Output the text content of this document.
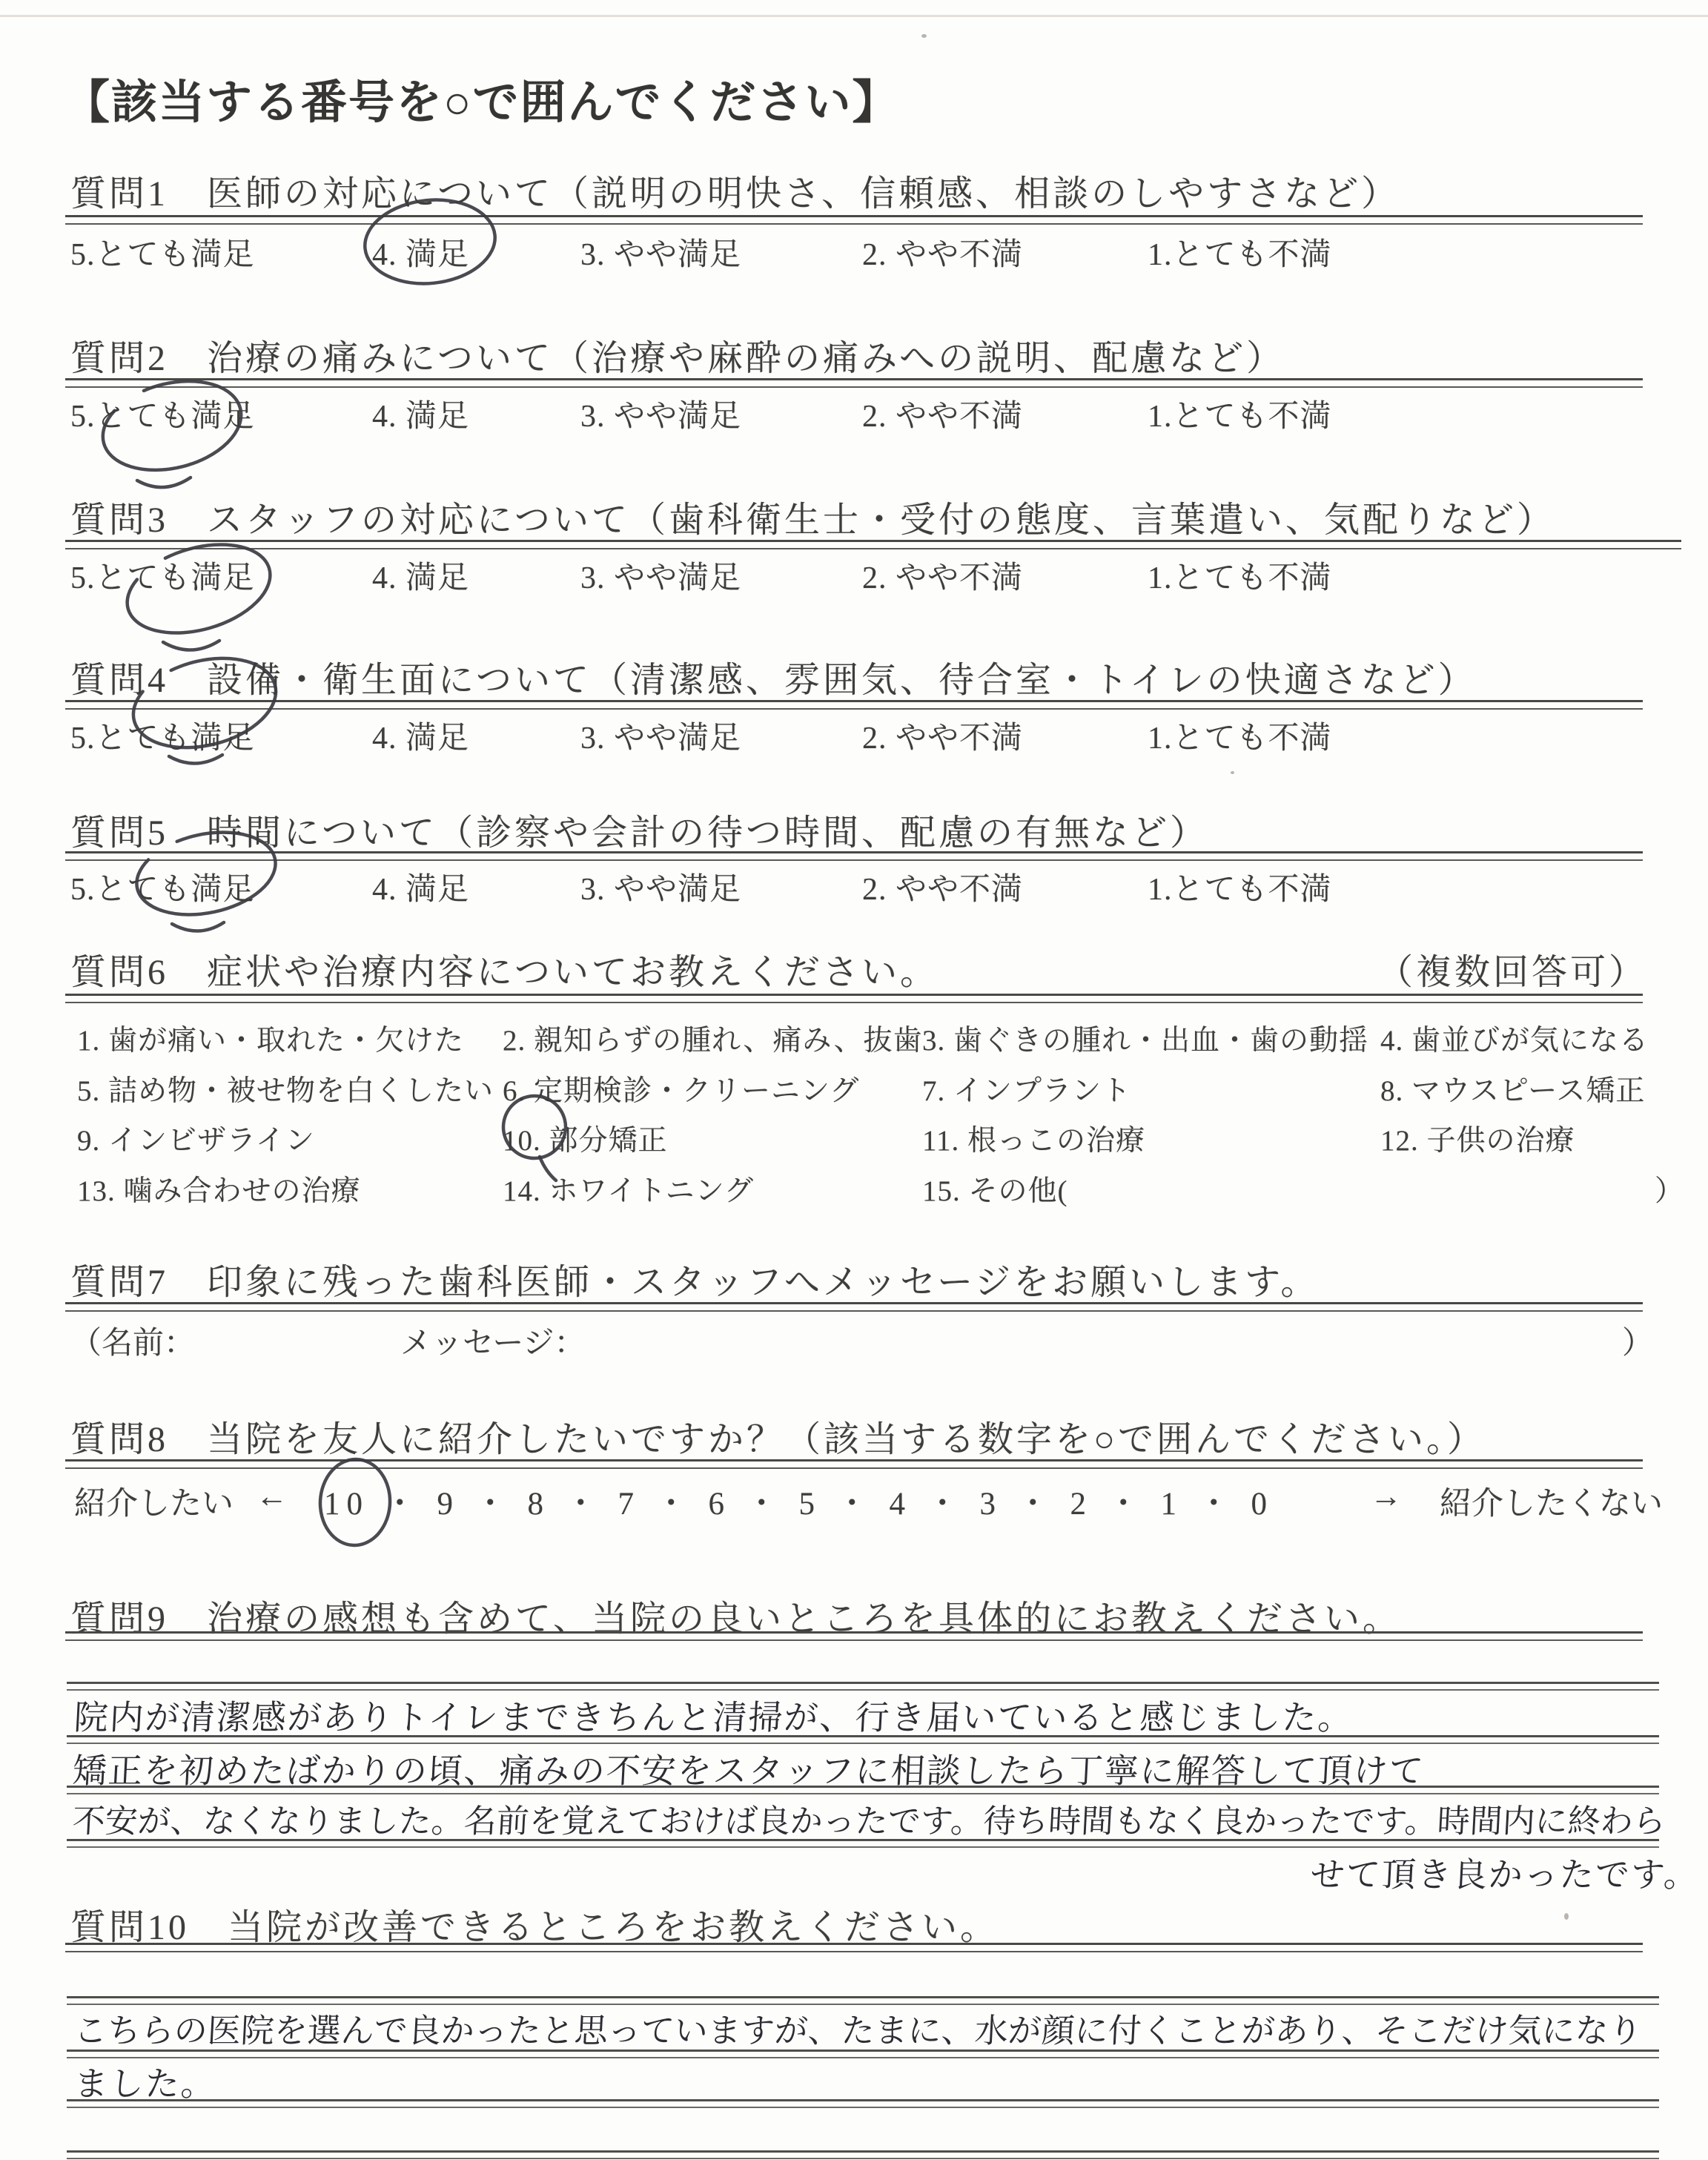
【該当する番号を○で囲んでください】
質問1　医師の対応について（説明の明快さ、信頼感、相談のしやすさなど）
5.とても満足	4. 満足	3. やや満足	2. やや不満	1.とても不満
質問2　治療の痛みについて（治療や麻酔の痛みへの説明、配慮など）
5.とても満足	4. 満足	3. やや満足	2. やや不満	1.とても不満
質問3　スタッフの対応について（歯科衛生士・受付の態度、言葉遣い、気配りなど）
5.とても満足	4. 満足	3. やや満足	2. やや不満	1.とても不満
質問4　設備・衛生面について（清潔感、雰囲気、待合室・トイレの快適さなど）
5.とても満足	4. 満足	3. やや満足	2. やや不満	1.とても不満
質問5　時間について（診察や会計の待つ時間、配慮の有無など）
5.とても満足	4. 満足	3. やや満足	2. やや不満	1.とても不満
質問6　症状や治療内容についてお教えください。	（複数回答可）
1. 歯が痛い・取れた・欠けた 2. 親知らずの腫れ、痛み、抜歯 3. 歯ぐきの腫れ・出血・歯の動揺 4. 歯並びが気になる
5. 詰め物・被せ物を白くしたい 6. 定期検診・クリーニング 7. インプラント	8. マウスピース矯正
9. インビザライン	10. 部分矯正	11. 根っこの治療	12. 子供の治療
13. 噛み合わせの治療	14. ホワイトニング	15. その他(	）
質問7　印象に残った歯科医師・スタッフへメッセージをお願いします。
（名前：	メッセージ：	）
質問8　当院を友人に紹介したいですか？（該当する数字を○で囲んでください。）
紹介したい ← 10 ・ 9 ・ 8 ・ 7 ・ 6 ・ 5 ・ 4 ・ 3 ・ 2 ・ 1 ・ 0	→ 紹介したくない
質問9　治療の感想も含めて、当院の良いところを具体的にお教えください。
院内が清潔感がありトイレまできちんと清掃が、行き届いていると感じました。
矯正を初めたばかりの頃、痛みの不安をスタッフに相談したら丁寧に解答して頂けて
不安が、なくなりました。名前を覚えておけば良かったです。待ち時間もなく良かったです。時間内に終わら
せて頂き良かったです。
質問10　当院が改善できるところをお教えください。
こちらの医院を選んで良かったと思っていますが、たまに、水が顔に付くことがあり、そこだけ気になり
ました。
